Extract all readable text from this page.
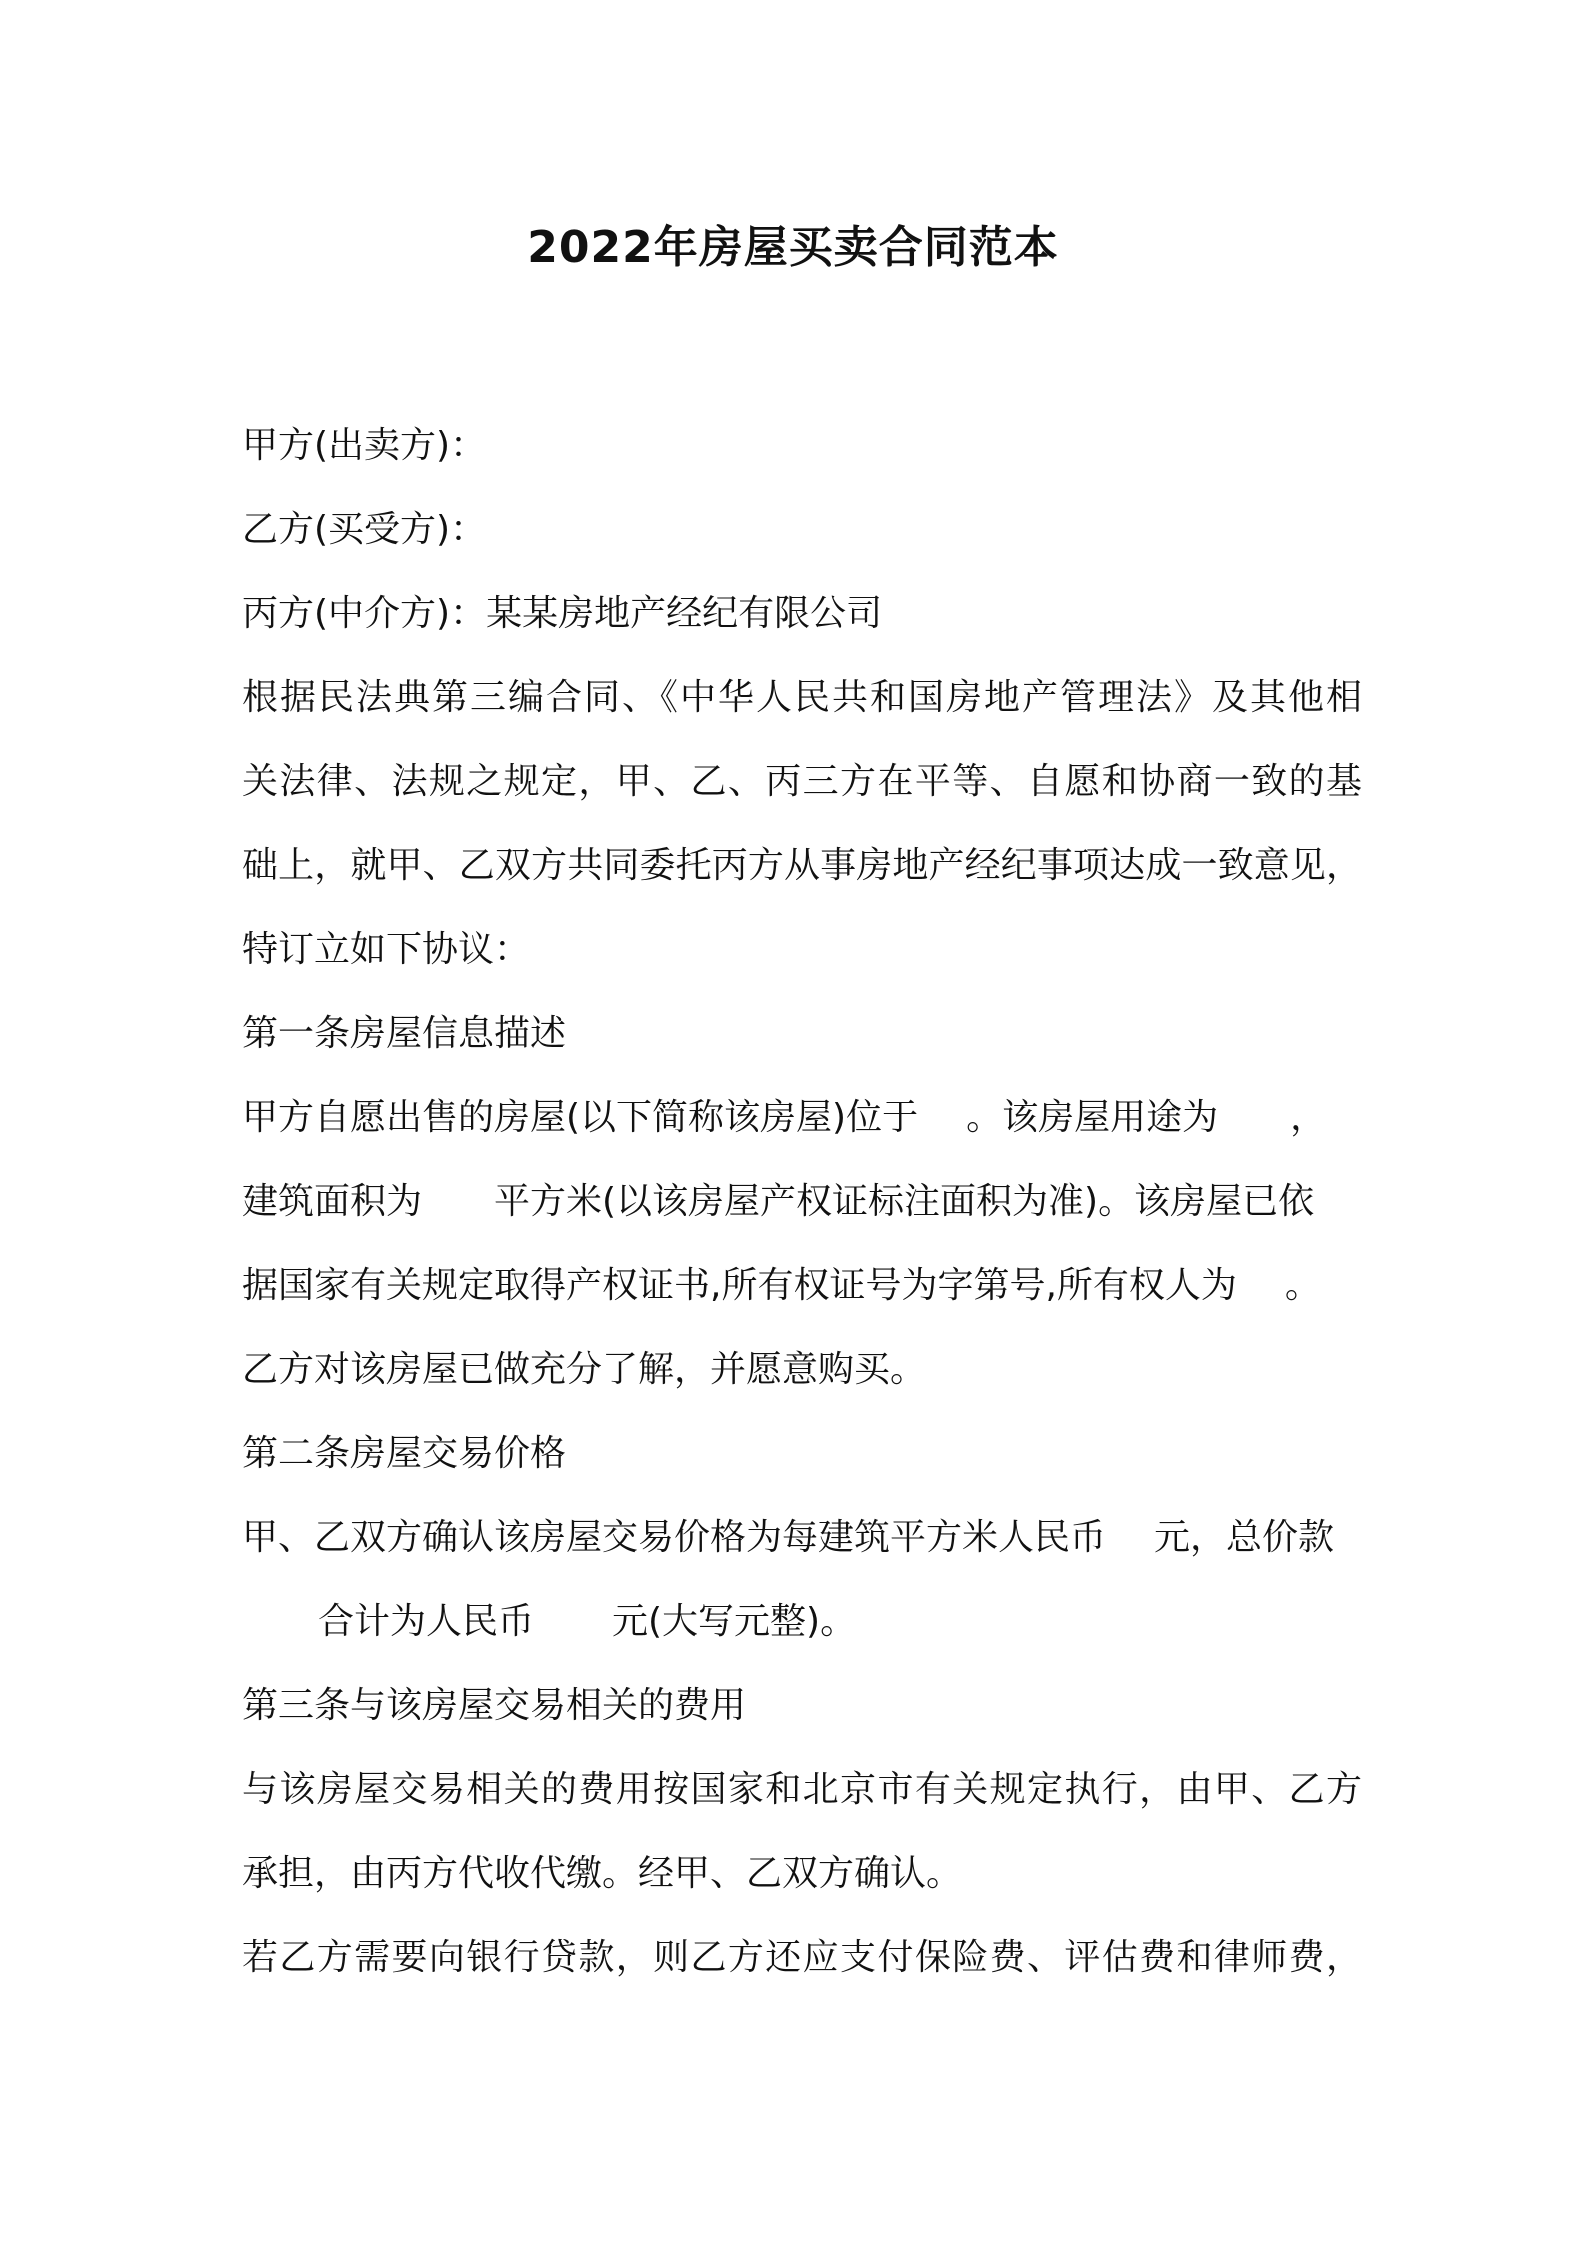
2022年房屋买卖合同范本
甲方(出卖方)：
乙方(买受方)：
丙方(中介方)：某某房地产经纪有限公司
根据民法典第三编合同、《中华人民共和国房地产管理法》及其他相
关法律、法规之规定，甲、乙、丙三方在平等、自愿和协商一致的基
础上，就甲、乙双方共同委托丙方从事房地产经纪事项达成一致意见，
特订立如下协议：
第一条房屋信息描述
甲方自愿出售的房屋(以下简称该房屋)位于 。该房屋用途为 ，
建筑面积为 平方米(以该房屋产权证标注面积为准)。该房屋已依
据国家有关规定取得产权证书,所有权证号为字第号,所有权人为 。
乙方对该房屋已做充分了解，并愿意购买。
第二条房屋交易价格
甲、乙双方确认该房屋交易价格为每建筑平方米人民币 元，总价款
合计为人民币 元(大写元整)。
第三条与该房屋交易相关的费用
与该房屋交易相关的费用按国家和北京市有关规定执行，由甲、乙方
承担，由丙方代收代缴。经甲、乙双方确认。
若乙方需要向银行贷款，则乙方还应支付保险费、评估费和律师费，
